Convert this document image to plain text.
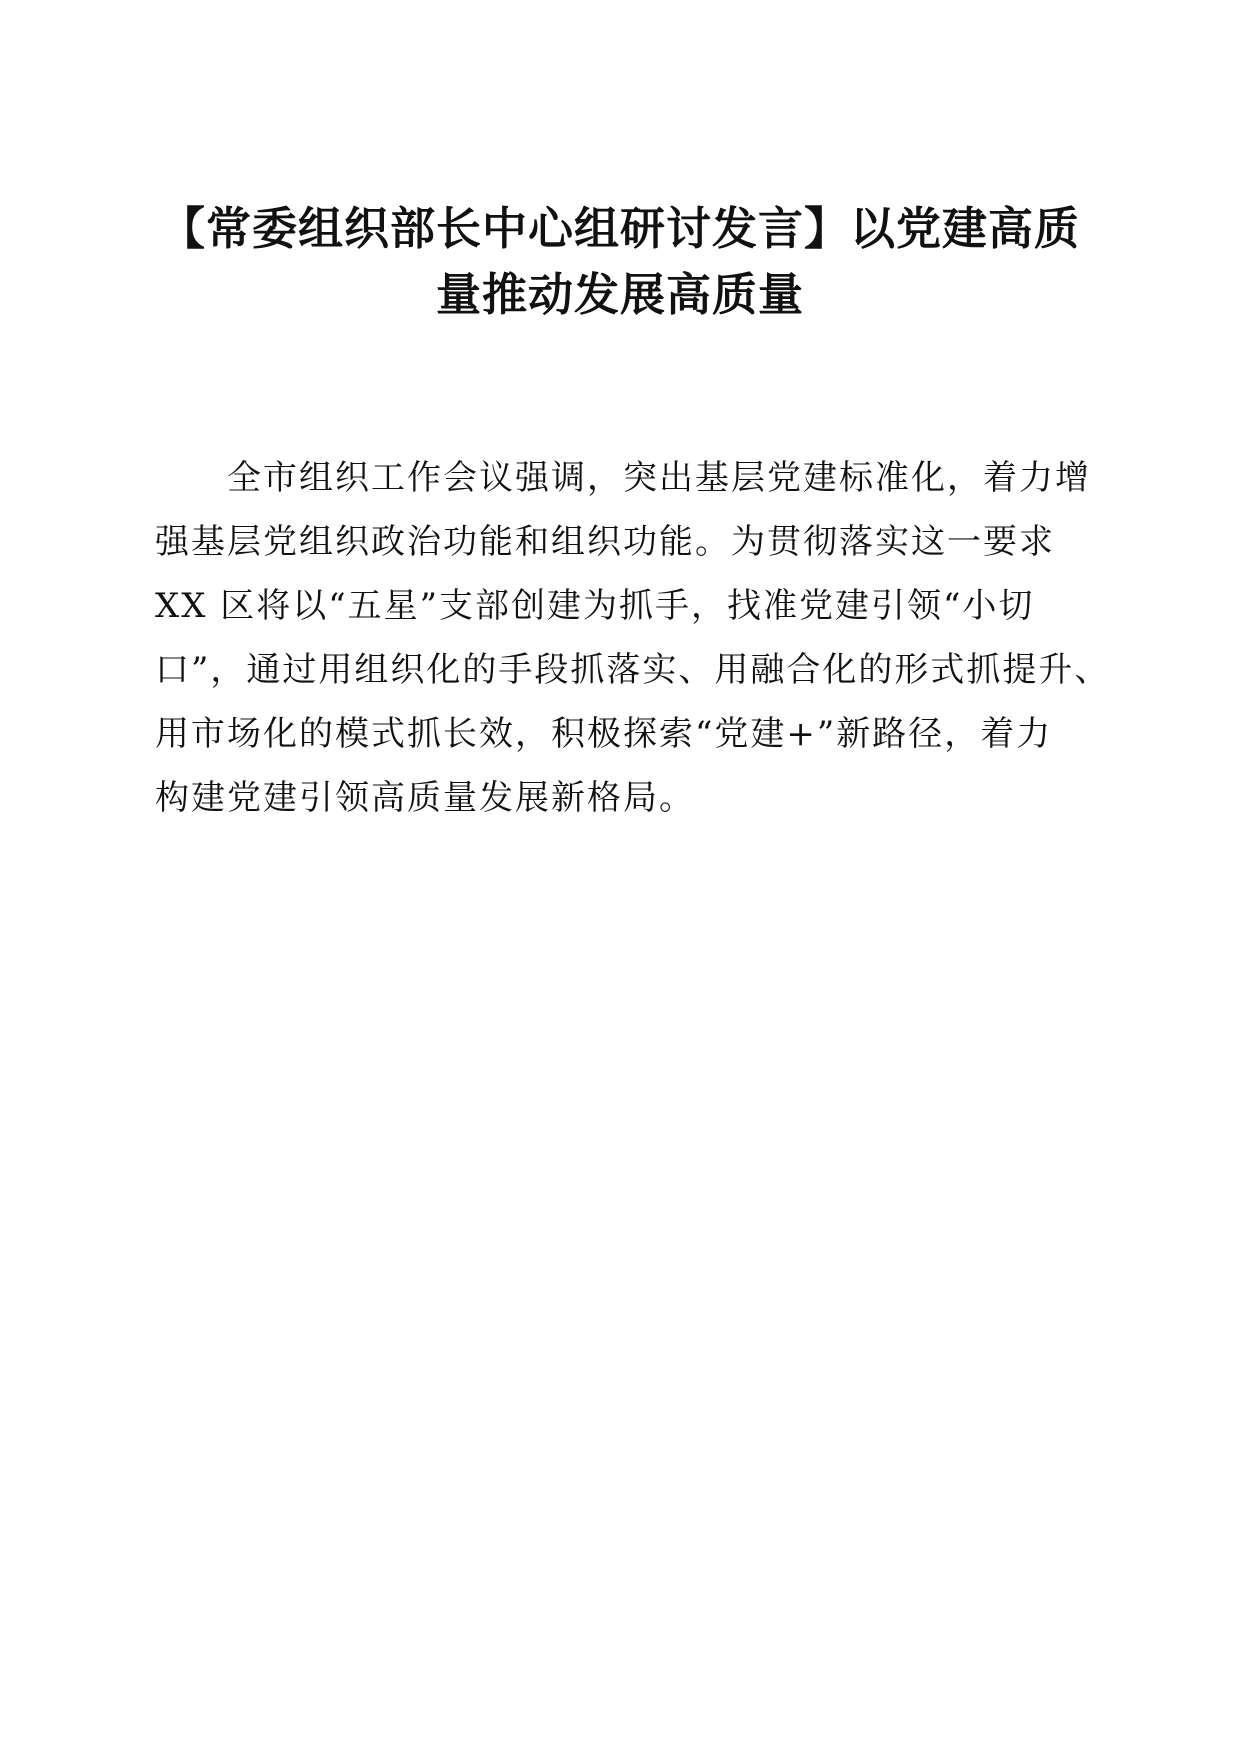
【常委组织部长中心组研讨发言】以党建高质
量推动发展高质量
　　全市组织工作会议强调，突出基层党建标准化，着力增
强基层党组织政治功能和组织功能。为贯彻落实这一要求
XX 区将以“五星”支部创建为抓手，找准党建引领“小切
口”，通过用组织化的手段抓落实、用融合化的形式抓提升、
用市场化的模式抓长效，积极探索“党建+”新路径，着力
构建党建引领高质量发展新格局。
